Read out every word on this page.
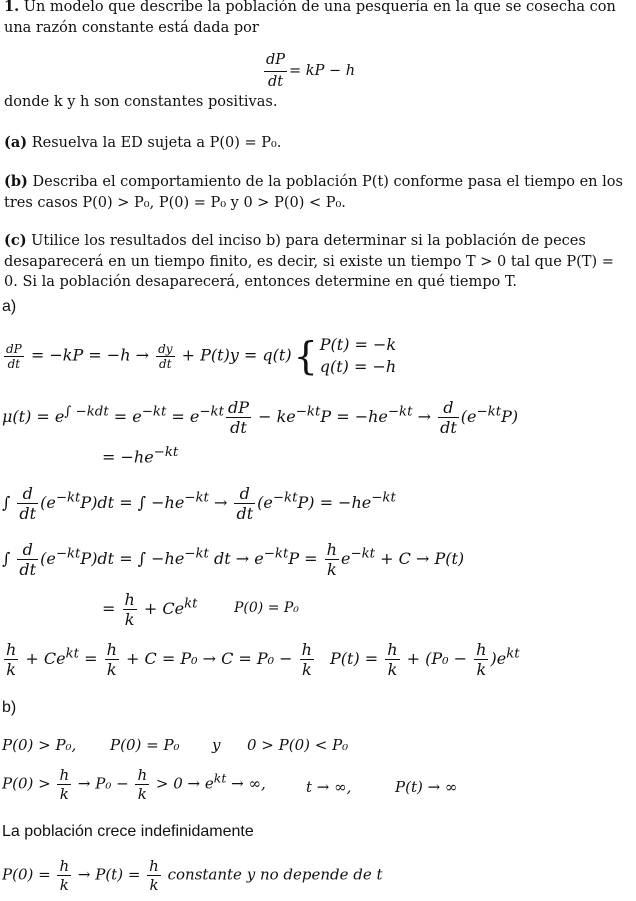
1. Un modelo que describe la población de una pesquería en la que se cosecha con una razón constante está dada por
$\frac{dP}{dt}$ = kP − h
donde k y h son constantes positivas.
(a) Resuelva la ED sujeta a P(0) = P₀.
(b) Describa el comportamiento de la población P(t) conforme pasa el tiempo en los tres casos P(0) > P₀, P(0) = P₀ y 0 > P(0) < P₀.
(c) Utilice los resultados del inciso b) para determinar si la población de peces desaparecerá en un tiempo finito, es decir, si existe un tiempo T > 0 tal que P(T) = 0. Si la población desaparecerá, entonces determine en qué tiempo T.
a)
$\frac{dP}{dt} = -kP = -h \to \frac{dy}{dt} + P(t)y = q(t)${ P(t) = −k
q(t) = −h
$\mu(t) = e^{\int -kdt} = e^{-kt} = e^{-kt} \frac{dP}{dt} - ke^{-kt}P = -he^{-kt} \to \frac{d}{dt} (e^{-kt}P)$
= $-he^{-kt}$
∫ $\frac{d}{dt} (e^{-kt}P)dt$ = ∫ $-he^{-kt} \to \frac{d}{dt} (e^{-kt}P) = -he^{-kt}$
∫ $\frac{d}{dt} (e^{-kt}P)dt$ = ∫ $-he^{-kt}$ dt → $e^{-kt}P = \frac{h}{k} e^{-kt} + C \to P(t)$
= $\frac{h}{k} + Ce^{kt}$	P(0) = P₀
$\frac{h}{k} + Ce^{kt} = \frac{h}{k} + C = P_0 \to C = P_0 - \frac{h}{k} P(t) = \frac{h}{k} + (P_0 - \frac{h}{k} )e^{kt}$
b)
P(0) > P₀, P(0) = P₀ y 0 > P(0) < P₀
$P(0) > \frac{h}{k} \to P_0 - \frac{h}{k} > 0 \to e^{kt}$ → ∞,	t → ∞,	P(t) → ∞
La población crece indefinidamente
$P(0) = \frac{h}{k} \to P(t) = \frac{h}{k}$ constante y no depende de t
